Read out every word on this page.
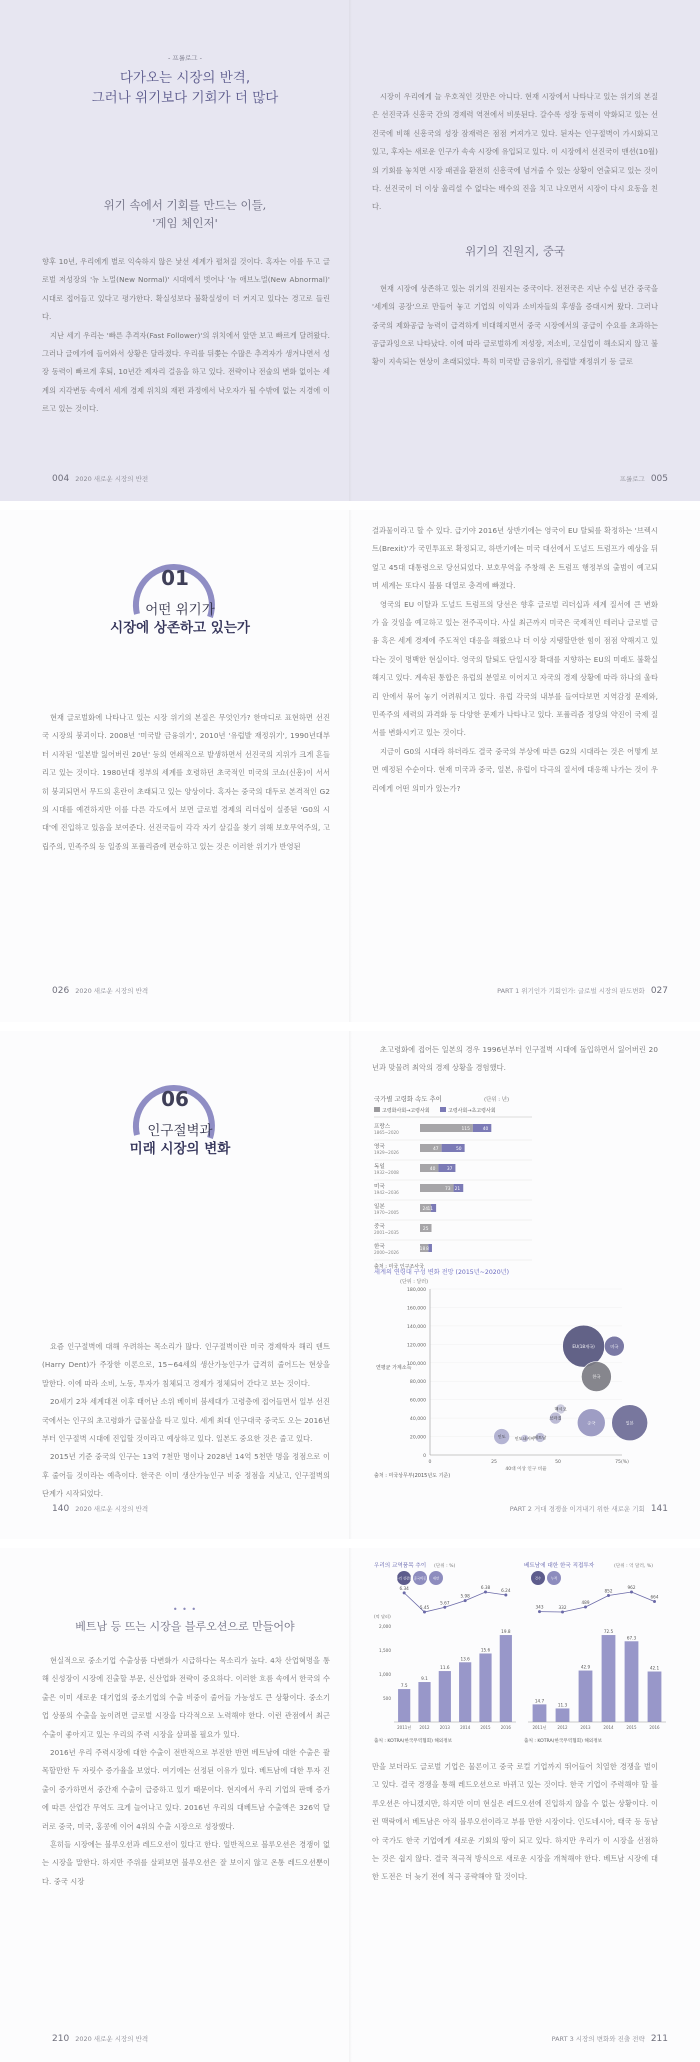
- 프롤로그 -
다가오는 시장의 반격,
그러나 위기보다 기회가 더 많다
위기 속에서 기회를 만드는 이들,
'게임 체인저'

향후 10년, 우리에게 별로 익숙하지 않은 낯선 세계가 펼쳐질 것이다. 혹자는 이를 두고 글로벌 저성장의 '뉴 노멀(New Normal)' 시대에서 벗어나 '뉴 애브노멀(New Abnormal)' 시대로 접어들고 있다고 평가한다. 확실성보다 불확실성이 더 커지고 있다는 경고로 들린다.

지난 세기 우리는 '빠른 추격자(Fast Follower)'의 위치에서 앞만 보고 빠르게 달려왔다. 그러나 글에가에 들어와서 상황은 달라졌다. 우리를 뒤쫓는 수많은 추격자가 생겨나면서 성장 동력이 빠르게 후퇴, 10년간 제자리 걸음을 하고 있다. 전략이나 전술의 변화 없이는 세계의 지각변동 속에서 세계 경제 위치의 재편 과정에서 낙오자가 될 수밖에 없는 지경에 이르고 있는 것이다.

시장이 우리에게 늘 우호적인 것만은 아니다. 현재 시장에서 나타나고 있는 위기의 본질은 선진국과 신흥국 간의 경제력 역전에서 비롯된다. 갈수록 성장 동력이 약화되고 있는 선진국에 비해 신흥국의 성장 잠재력은 점점 커져가고 있다. 된자는 인구절벽이 가시화되고 있고, 후자는 새로운 인구가 속속 시장에 유입되고 있다. 이 시장에서 선진국이 맨션(10월)의 기회를 놓치면 시장 패권을 환전히 신흥국에 넘겨줄 수 있는 상황이 연출되고 있는 것이다. 선진국이 더 이상 울리설 수 없다는 배수의 진을 치고 나오면서 시장이 다시 요동을 친다.

위기의 진원지, 중국

현재 시장에 상존하고 있는 위기의 진원지는 중국이다. 전전국은 지난 수십 년간 중국을 '세계의 공장'으로 만들어 놓고 기업의 이익과 소비자들의 후생을 증대시켜 왔다. 그러나 중국의 제화공급 능력이 급격하게 비대해지면서 중국 시장에서의 공급이 수요를 초과하는 공급과잉으로 나타났다. 이에 따라 글로벌하게 저성장, 저소비, 고실업이 해소되지 않고 불황이 지속되는 현상이 초래되었다. 특히 미국발 금융위기, 유럽발 재정위기 등 글로

004 2020 새로운 시장의 반전	프롤로그 005
01
어떤 위기가
시장에 상존하고 있는가

현재 글로벌화에 나타나고 있는 시장 위기의 본질은 무엇인가? 한마디로 표현하면 선진국 시장의 붕괴이다. 2008년 '미국발 금융위기', 2010년 '유럽발 재정위기', 1990년대부터 시작된 '일본발 잃어버린 20년' 등의 연쇄적으로 발생하면서 선진국의 지위가 크게 흔들리고 있는 것이다. 1980년대 정부의 세계를 호령하던 초국적인 미국의 코쇼(신흥)이 서서히 붕괴되면서 무드의 혼란이 초래되고 있는 양상이다. 혹자는 중국의 대두로 본격적인 G2의 시대를 예견하지만 이를 다른 각도에서 보면 글로벌 경제의 리더십이 실종된 'G0의 시대'에 진입하고 있음을 보여준다. 선진국들이 각각 자기 살길을 찾기 위해 보호무역주의, 고립주의, 민족주의 등 일종의 포퓰리즘에 편승하고 있는 것은 이러한 위기가 반영된

결과물이라고 할 수 있다. 급기야 2016년 상반기에는 영국이 EU 탈퇴를 확정하는 '브렉시트(Brexit)'가 국민투표로 확정되고, 하반기에는 미국 대선에서 도널드 트럼프가 예상을 뒤엎고 45대 대통령으로 당선되었다. 보호무역을 주창해 온 트럼프 행정부의 출범이 예고되며 세계는 또다시 블룸 대열로 충격에 빠졌다.

영국의 EU 이탈과 도널드 트럼프의 당선은 향후 글로벌 리더십과 세계 질서에 큰 변화가 올 것임을 예고하고 있는 전주곡이다. 사실 최근까지 미국은 국제적인 테러나 글로벌 금융 혹은 세계 경제에 주도적인 대응을 해왔으나 더 이상 지탱할만한 힘이 점점 약해지고 있다는 것이 명백한 현실이다. 영국의 탈퇴도 단일시장 확대를 지향하는 EU의 미래도 불확실해지고 있다. 계속된 통합은 유럽의 분열로 이어지고 자국의 경제 상황에 따라 하나의 울타리 안에서 묶어 놓기 어려워지고 있다. 유럽 각국의 내부를 들여다보면 지역감정 문제와, 민족주의 세력의 과격화 등 다양한 문제가 나타나고 있다. 포퓰리즘 정당의 약진이 국제 질서를 변화시키고 있는 것이다.

지금이 G0의 시대라 하더라도 결국 중국의 부상에 따른 G2의 시대라는 것은 어떻게 보면 예정된 수순이다. 현재 미국과 중국, 일본, 유럽이 다극의 질서에 대응해 나가는 것이 우리에게 어떤 의미가 있는가?

026 2020 새로운 시장의 반격	PART 1 위기인가 기회인가: 글로벌 시장의 판도변화 027
06
인구절벽과
미래 시장의 변화

요즘 인구절벽에 대해 우려하는 목소리가 많다. 인구절벽이란 미국 경제학자 해리 덴트(Harry Dent)가 주장한 이론으로, 15~64세의 생산가능인구가 급격히 줄어드는 현상을 말한다. 이에 따라 소비, 노동, 투자가 침체되고 경제가 정체되어 간다고 보는 것이다.

20세기 2차 세계대전 이후 태어난 소위 베이비 붐세대가 고령층에 접어들면서 일부 선진국에서는 인구의 초고령화가 급물살을 타고 있다. 세계 최대 인구대국 중국도 오는 2016년부터 인구절벽 시대에 진입할 것이라고 예상하고 있다. 일본도 중요한 것은 줄고 있다.

2015년 기준 중국의 인구는 13억 7천만 명이나 2028년 14억 5천만 명을 정점으로 이후 줄어들 것이라는 예측이다. 한국은 이미 생산가능인구 비중 정점을 지났고, 인구절벽의 단계가 시작되었다.

초고령화에 접어든 일본의 경우 1996년부터 인구절벽 시대에 돌입하면서 잃어버린 20년과 맞물려 최악의 경제 상황을 경험했다.

국가별 고령화 속도 추이	(단위 : 년)
고령화사회→고령사회	고령사회→초고령사회
프랑스
1865~2020
115	40
영국
1929~2026
47	50
독일
1932~2008
40	37
미국
1942~2036
73 21
일본
1970~2005
24 11
중국
2001~2035
25
한국
2000~2026
18 8
출처 : 미국 인구조사국
세계의 연령대 구성 변화 전망 (2015년~2020년)
(단위 : 달러)
0
20,000
40,000
60,000
80,000
100,000
120,000
140,000
160,000
180,000
0	25	50	75(%)
연평균 가계소득
40대 이상 인구 비율
미국
EU(18개국)
한국
중국	일본
멕시코
브라질
인도	베트남
인도네시아
출처 : 미국상무부(2015년도 기준)
140 2020 새로운 시장의 반격	PART 2 거대 경쟁을 이겨내기 위한 새로운 기회 141
• • •
베트남 등 뜨는 시장을 블루오션으로 만들어야

현실적으로 중소기업 수출상품 다변화가 시급하다는 목소리가 높다. 4차 산업혁명을 통해 신성장이 시장에 진출할 부문, 신산업화 전략이 중요하다. 이러한 흐름 속에서 한국의 수출은 이미 새로운 대기업의 중소기업의 수출 비중이 줄어들 가능성도 큰 상황이다. 중소기업 상품의 수출을 높이려면 글로벌 시장을 다각적으로 노력해야 한다. 이런 관점에서 최근 수출이 좋아지고 있는 우리의 주력 시장을 살펴볼 필요가 있다.

2016년 우리 주력시장에 대한 수출이 전반적으로 부진한 반면 베트남에 대한 수출은 괄목할만한 두 자릿수 증가율을 보였다. 여기에는 선정된 이유가 있다. 베트남에 대한 투자 진출이 증가하면서 중간재 수출이 급증하고 있기 때문이다. 현지에서 우리 기업의 판매 증가에 따른 산업간 무역도 크게 늘어나고 있다. 2016년 우리의 대베트남 수출액은 326억 달러로 중국, 미국, 홍콩에 이어 4위의 수출 시장으로 성장했다.

흔히들 시장에는 블루오션과 레드오션이 있다고 한다. 일반적으로 블루오션은 경쟁이 없는 시장을 말한다. 하지만 주위를 살펴보면 블루오션은 잘 보이지 않고 온통 레드오션뿐이다. 중국 시장

우리의 교역품목 추이 (단위 : %)
(억 달러)
500
1,000
1,500
2,000
7.5
2011년
9.1
2012
11.6
2013
13.6
2014
15.6
2015
19.8
2016
6.34
5.45
5.67
5.98
6.38
6.24
우리 성장률 중국비중 대만
출처 : KOTRA(한국무역협회) 해외정보
베트남에 대한 한국 직접투자	(단위 : 억 달러, %)
14.7
2011년
11.3
2012
42.9
2013
72.5
2014
67.3
2015
42.1
2016
343	332
489
852
962
664
건수	누적
출처 : KOTRA(한국무역협회) 해외정보

만을 보더라도 글로벌 기업은 물론이고 중국 로컬 기업까지 뛰어들어 치열한 경쟁을 벌이고 있다. 결국 경쟁을 통해 레드오션으로 바뀌고 있는 것이다. 한국 기업이 주력해야 할 블루오션은 아니겠지만, 하지만 이미 현실은 레드오션에 진입하지 않을 수 없는 상황이다. 이런 맥락에서 베트남은 아직 블루오션이라고 부를 만한 시장이다. 인도네시아, 태국 등 동남아 국가도 한국 기업에게 새로운 기회의 땅이 되고 있다. 하지만 우리가 이 시장을 선점하는 것은 쉽지 않다. 결국 적극적 방식으로 새로운 시장을 개척해야 한다. 베트남 시장에 대한 도전은 더 늦기 전에 적극 공략해야 할 것이다.

210 2020 새로운 시장의 반격	PART 3 시장의 변화와 진출 전략 211
